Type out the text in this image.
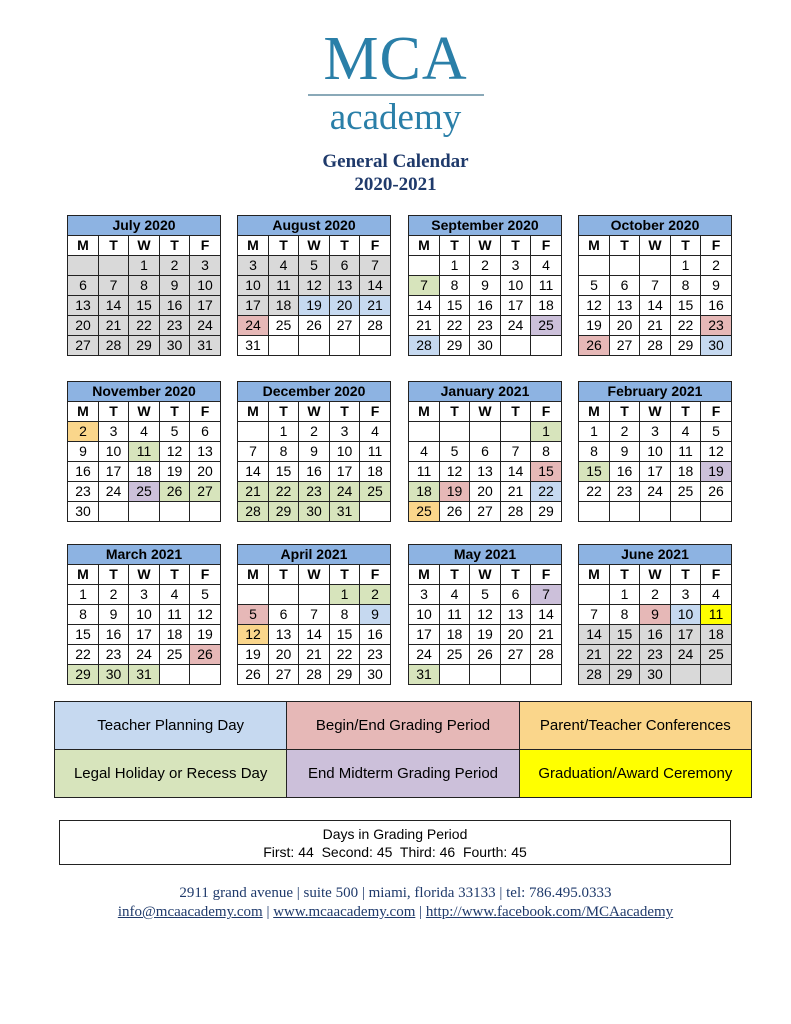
MCA
academy
General Calendar
2020-2021
July 2020				
M	T	W	T	F
		1	2	3
6	7	8	9	10
13	14	15	16	17
20	21	22	23	24
27	28	29	30	31
August 2020				
M	T	W	T	F
3	4	5	6	7
10	11	12	13	14
17	18	19	20	21
24	25	26	27	28
31				
September 2020				
M	T	W	T	F
	1	2	3	4
7	8	9	10	11
14	15	16	17	18
21	22	23	24	25
28	29	30		
October 2020				
M	T	W	T	F
			1	2
5	6	7	8	9
12	13	14	15	16
19	20	21	22	23
26	27	28	29	30
November 2020				
M	T	W	T	F
2	3	4	5	6
9	10	11	12	13
16	17	18	19	20
23	24	25	26	27
30				
December 2020				
M	T	W	T	F
	1	2	3	4
7	8	9	10	11
14	15	16	17	18
21	22	23	24	25
28	29	30	31	
January 2021				
M	T	W	T	F
				1
4	5	6	7	8
11	12	13	14	15
18	19	20	21	22
25	26	27	28	29
February 2021				
M	T	W	T	F
1	2	3	4	5
8	9	10	11	12
15	16	17	18	19
22	23	24	25	26

March 2021				
M	T	W	T	F
1	2	3	4	5
8	9	10	11	12
15	16	17	18	19
22	23	24	25	26
29	30	31		
April 2021				
M	T	W	T	F
			1	2
5	6	7	8	9
12	13	14	15	16
19	20	21	22	23
26	27	28	29	30
May 2021				
M	T	W	T	F
3	4	5	6	7
10	11	12	13	14
17	18	19	20	21
24	25	26	27	28
31				
June 2021				
M	T	W	T	F
	1	2	3	4
7	8	9	10	11
14	15	16	17	18
21	22	23	24	25
28	29	30		
Teacher Planning Day	Begin/End Grading Period	Parent/Teacher Conferences
Legal Holiday or Recess Day	End Midterm Grading Period	Graduation/Award Ceremony
Days in Grading Period
First: 44  Second: 45  Third: 46  Fourth: 45
2911 grand avenue | suite 500 | miami, florida 33133 | tel: 786.495.0333
info@mcaacademy.com | www.mcaacademy.com | http://www.facebook.com/MCAacademy
